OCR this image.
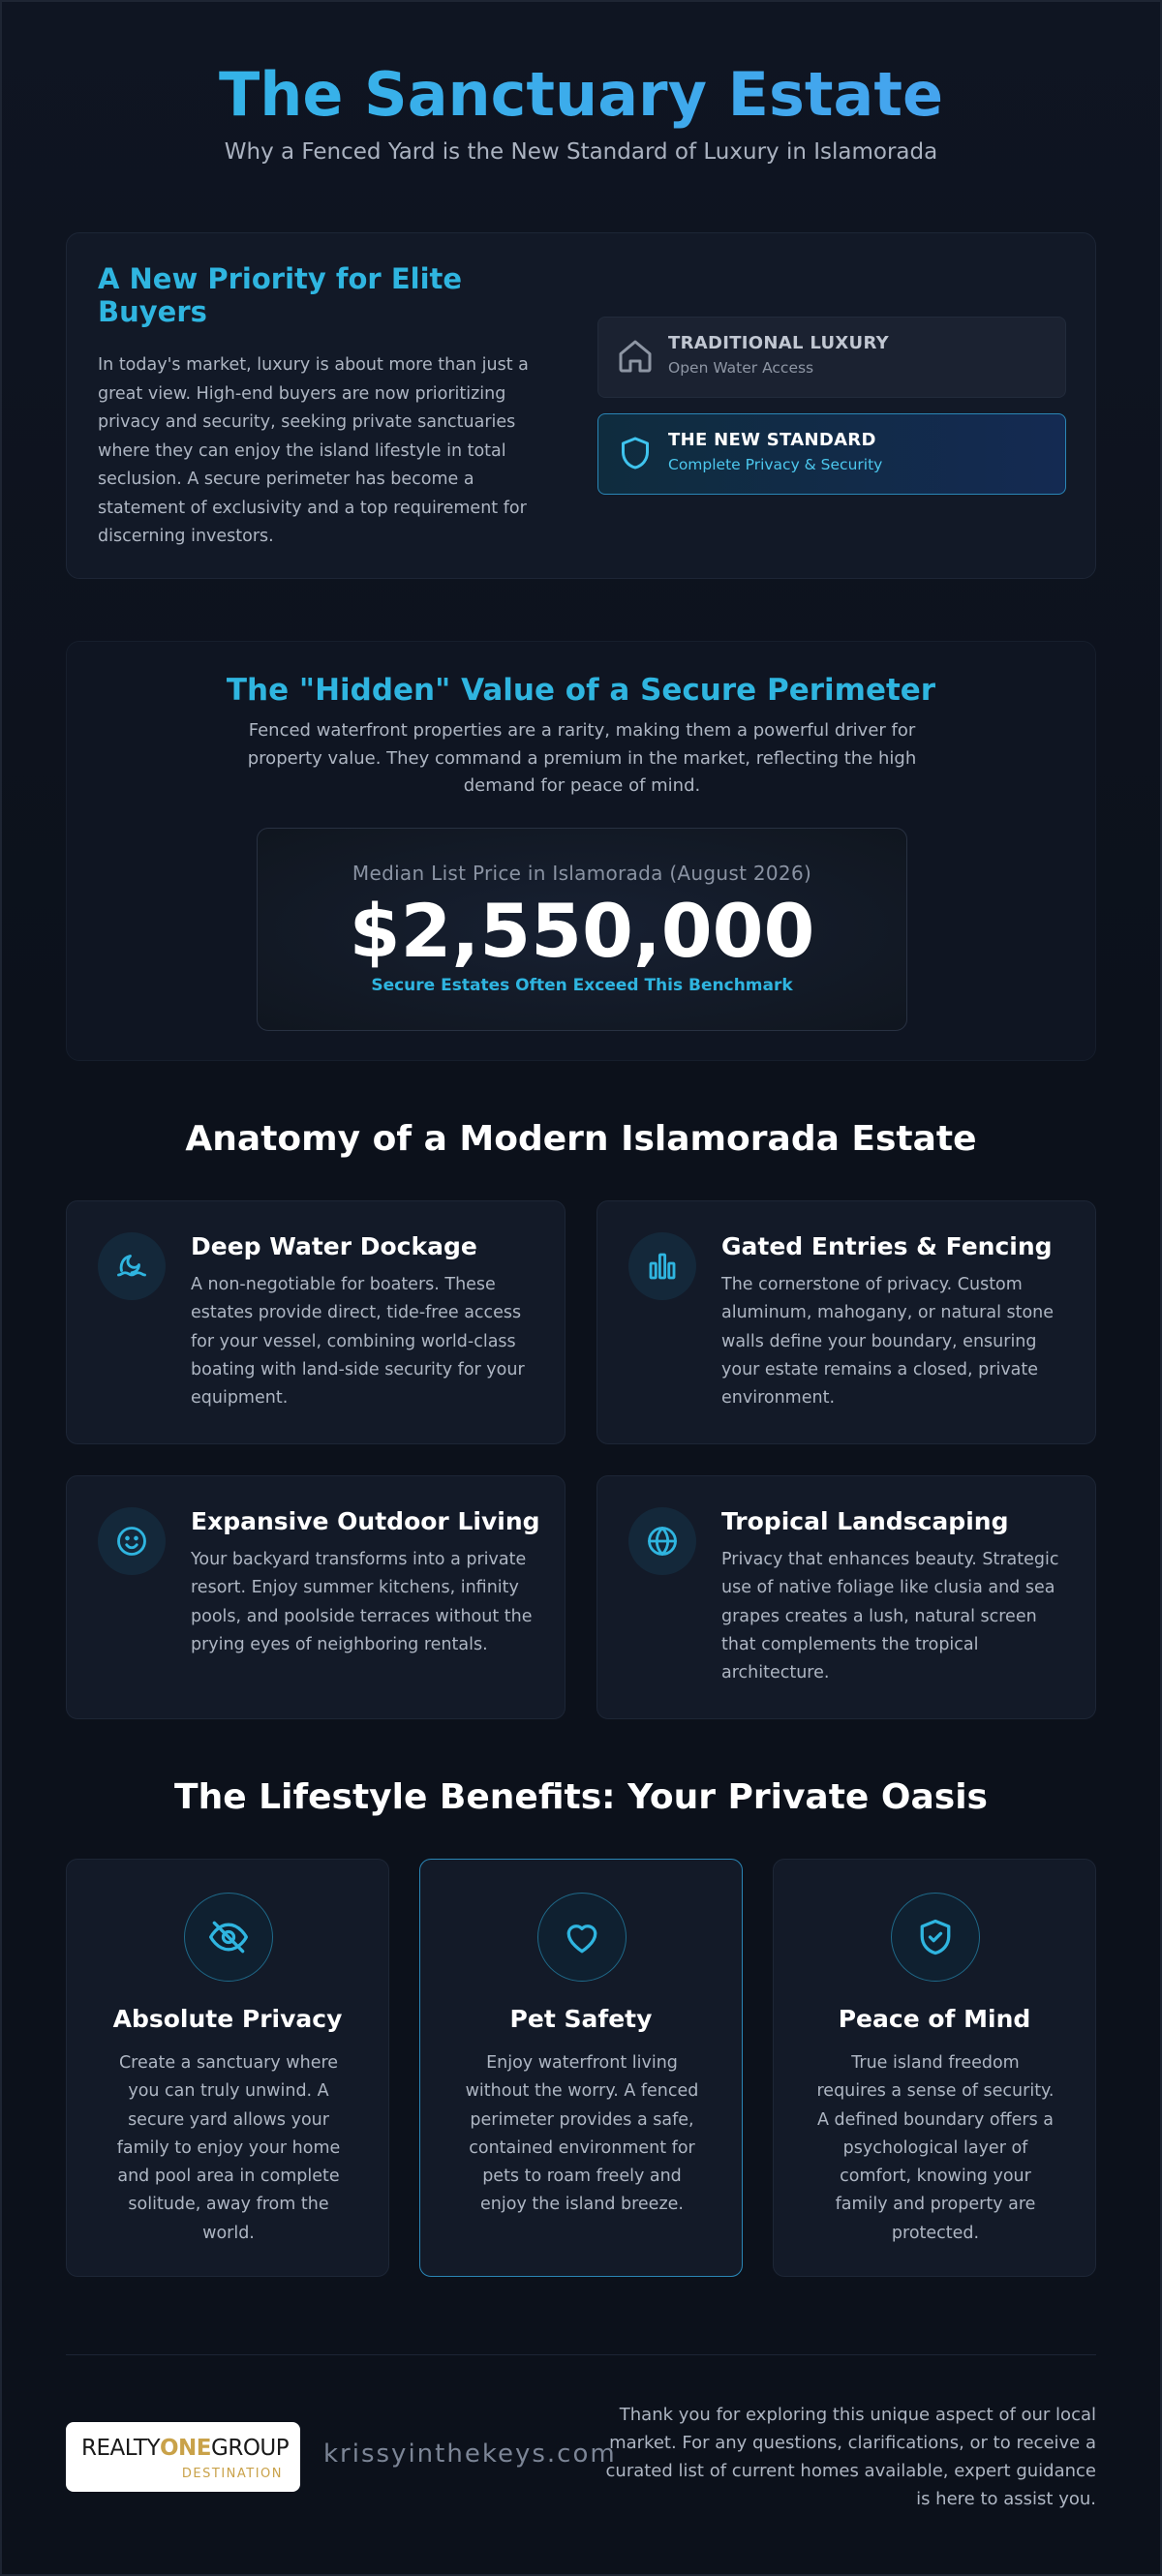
The Sanctuary Estate
Why a Fenced Yard is the New Standard of Luxury in Islamorada
A New Priority for Elite Buyers

In today's market, luxury is about more than just a great view. High-end buyers are now prioritizing privacy and security, seeking private sanctuaries where they can enjoy the island lifestyle in total seclusion. A secure perimeter has become a statement of exclusivity and a top requirement for discerning investors.

TRADITIONAL LUXURY
Open Water Access
THE NEW STANDARD
Complete Privacy & Security
The "Hidden" Value of a Secure Perimeter

Fenced waterfront properties are a rarity, making them a powerful driver for property value. They command a premium in the market, reflecting the high demand for peace of mind.

Median List Price in Islamorada (August 2026)
$2,550,000
Secure Estates Often Exceed This Benchmark
Anatomy of a Modern Islamorada Estate
Deep Water Dockage

A non-negotiable for boaters. These estates provide direct, tide-free access for your vessel, combining world-class boating with land-side security for your equipment.

Gated Entries & Fencing

The cornerstone of privacy. Custom aluminum, mahogany, or natural stone walls define your boundary, ensuring your estate remains a closed, private environment.

Expansive Outdoor Living

Your backyard transforms into a private resort. Enjoy summer kitchens, infinity pools, and poolside terraces without the prying eyes of neighboring rentals.

Tropical Landscaping

Privacy that enhances beauty. Strategic use of native foliage like clusia and sea grapes creates a lush, natural screen that complements the tropical architecture.

The Lifestyle Benefits: Your Private Oasis
Absolute Privacy

Create a sanctuary where you can truly unwind. A secure yard allows your family to enjoy your home and pool area in complete solitude, away from the world.

Pet Safety

Enjoy waterfront living without the worry. A fenced perimeter provides a safe, contained environment for pets to roam freely and enjoy the island breeze.

Peace of Mind

True island freedom requires a sense of security. A defined boundary offers a psychological layer of comfort, knowing your family and property are protected.

REALTYONEGROUP
DESTINATION
krissyinthekeys.com

Thank you for exploring this unique aspect of our local market. For any questions, clarifications, or to receive a curated list of current homes available, expert guidance is here to assist you.
